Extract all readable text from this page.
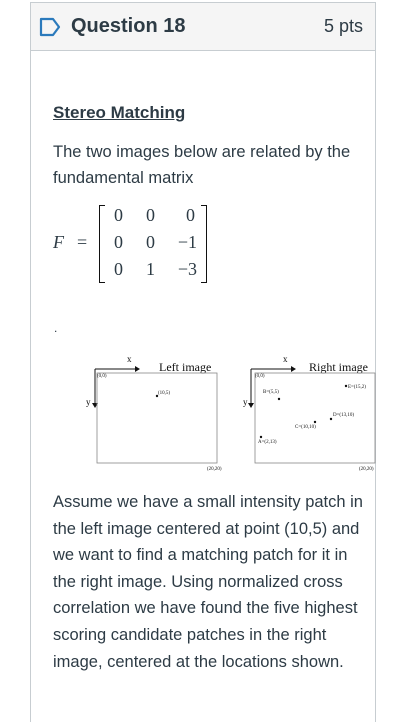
Question 18	5 pts
Stereo Matching
The two images below are related by the fundamental matrix
F =
0	0	0
0	0 −1
0	1 −3
.
Left image
x
y
(0,0)
(10,5)
(20,20)
Right image
x
y
(0,0)
A=(2,13)
B=(5,5)
C=(10,10)
D=(13,10)
E=(15,2)
(20,20)
Assume we have a small intensity patch in the left image centered at point (10,5) and we want to find a matching patch for it in the right image. Using normalized cross correlation we have found the five highest scoring candidate patches in the right image, centered at the locations shown.
